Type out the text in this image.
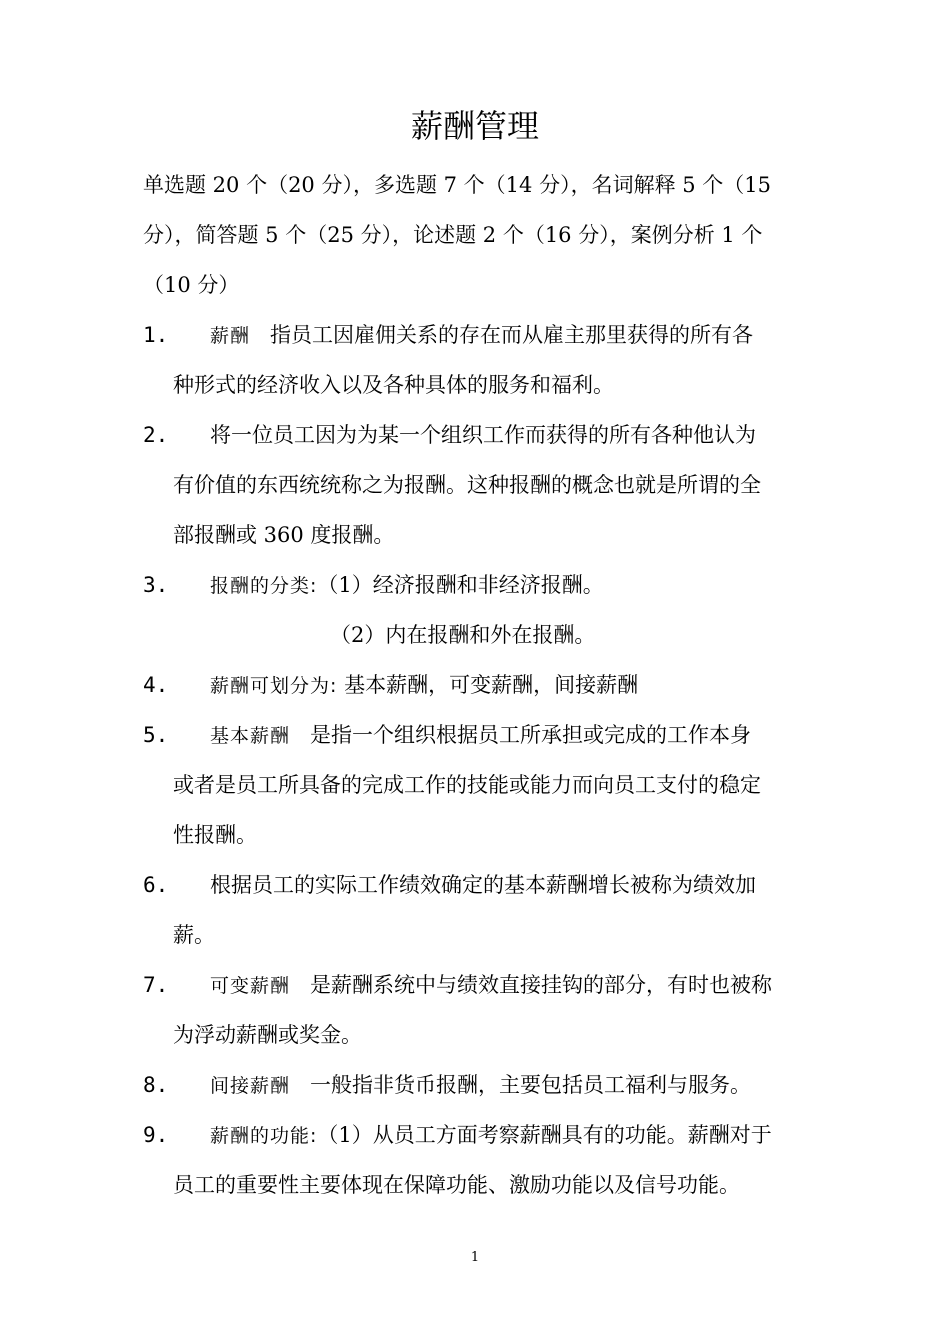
薪酬管理
单选题 20 个（20 分），多选题 7 个（14 分），名词解释 5 个（15
分），简答题 5 个（25 分），论述题 2 个（16 分），案例分析 1 个
（10 分）
1. 薪酬 指员工因雇佣关系的存在而从雇主那里获得的所有各
种形式的经济收入以及各种具体的服务和福利。
2. 将一位员工因为为某一个组织工作而获得的所有各种他认为
有价值的东西统统称之为报酬。这种报酬的概念也就是所谓的全
部报酬或 360 度报酬。
3. 报酬的分类:（1）经济报酬和非经济报酬。
（2）内在报酬和外在报酬。
4. 薪酬可划分为: 基本薪酬，可变薪酬，间接薪酬
5. 基本薪酬 是指一个组织根据员工所承担或完成的工作本身
或者是员工所具备的完成工作的技能或能力而向员工支付的稳定
性报酬。
6. 根据员工的实际工作绩效确定的基本薪酬增长被称为绩效加
薪。
7. 可变薪酬 是薪酬系统中与绩效直接挂钩的部分，有时也被称
为浮动薪酬或奖金。
8. 间接薪酬 一般指非货币报酬，主要包括员工福利与服务。
9. 薪酬的功能:（1）从员工方面考察薪酬具有的功能。薪酬对于
员工的重要性主要体现在保障功能、激励功能以及信号功能。
1
